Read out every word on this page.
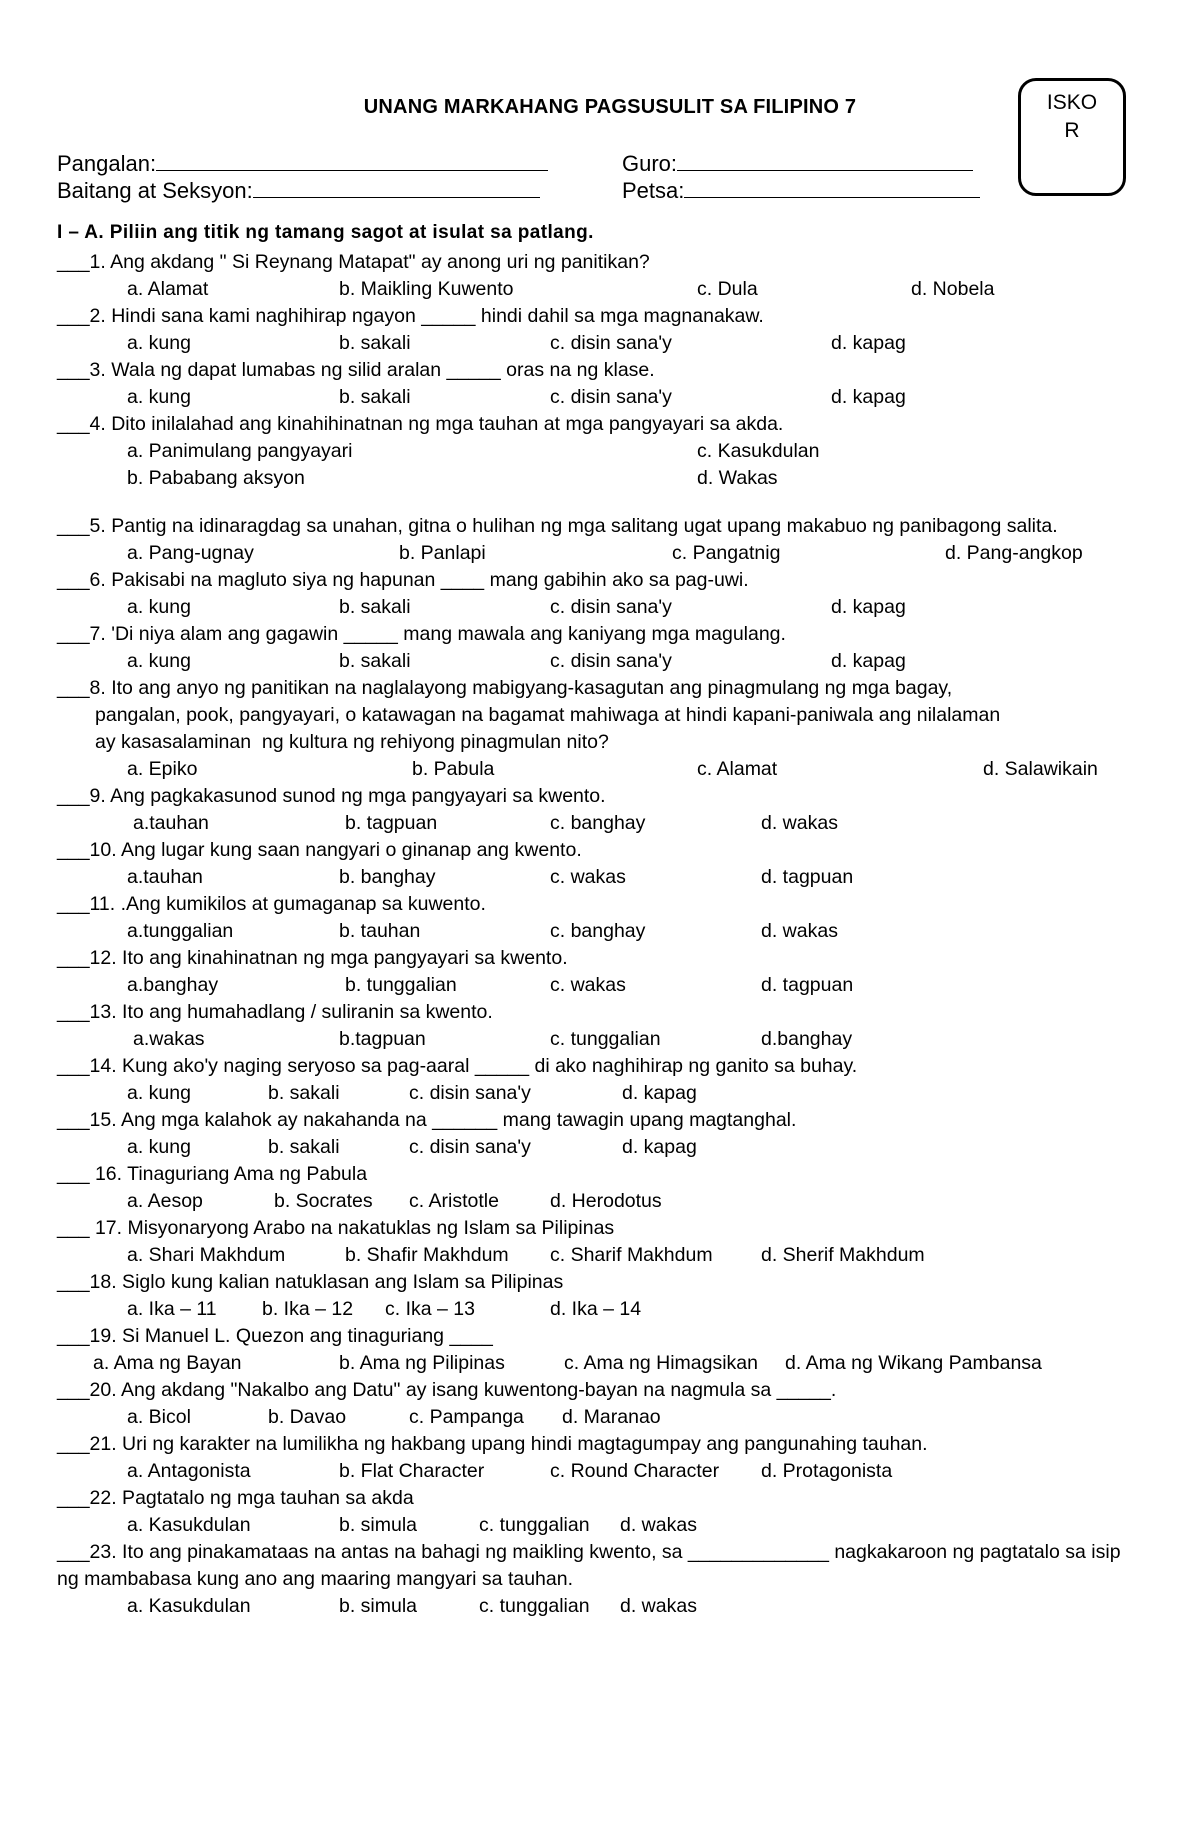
UNANG MARKAHANG PAGSUSULIT SA FILIPINO 7	ISKO
R
Pangalan:	Guro:
Baitang at Seksyon:	Petsa:
I – A. Piliin ang titik ng tamang sagot at isulat sa patlang.
___1. Ang akdang " Si Reynang Matapat" ay anong uri ng panitikan?
a. Alamat	b. Maikling Kuwento	c. Dula	d. Nobela
___2. Hindi sana kami naghihirap ngayon _____ hindi dahil sa mga magnanakaw.
a. kung	b. sakali	c. disin sana'y	d. kapag
___3. Wala ng dapat lumabas ng silid aralan _____ oras na ng klase.
a. kung	b. sakali	c. disin sana'y	d. kapag
___4. Dito inilalahad ang kinahihinatnan ng mga tauhan at mga pangyayari sa akda.
a. Panimulang pangyayari	c. Kasukdulan
b. Pababang aksyon	d. Wakas
___5. Pantig na idinaragdag sa unahan, gitna o hulihan ng mga salitang ugat upang makabuo ng panibagong salita.
a. Pang-ugnay	b. Panlapi	c. Pangatnig	d. Pang-angkop
___6. Pakisabi na magluto siya ng hapunan ____ mang gabihin ako sa pag-uwi.
a. kung	b. sakali	c. disin sana'y	d. kapag
___7. 'Di niya alam ang gagawin _____ mang mawala ang kaniyang mga magulang.
a. kung	b. sakali	c. disin sana'y	d. kapag
___8. Ito ang anyo ng panitikan na naglalayong mabigyang-kasagutan ang pinagmulang ng mga bagay,
pangalan, pook, pangyayari, o katawagan na bagamat mahiwaga at hindi kapani-paniwala ang nilalaman
ay kasasalaminan  ng kultura ng rehiyong pinagmulan nito?
a. Epiko	b. Pabula	c. Alamat	d. Salawikain
___9. Ang pagkakasunod sunod ng mga pangyayari sa kwento.
a.tauhan	b. tagpuan	c. banghay	d. wakas
___10. Ang lugar kung saan nangyari o ginanap ang kwento.
a.tauhan	b. banghay	c. wakas	d. tagpuan
___11. .Ang kumikilos at gumaganap sa kuwento.
a.tunggalian	b. tauhan	c. banghay	d. wakas
___12. Ito ang kinahinatnan ng mga pangyayari sa kwento.
a.banghay	b. tunggalian	c. wakas	d. tagpuan
___13. Ito ang humahadlang / suliranin sa kwento.
a.wakas	b.tagpuan	c. tunggalian	d.banghay
___14. Kung ako'y naging seryoso sa pag-aaral _____ di ako naghihirap ng ganito sa buhay.
a. kung	b. sakali	c. disin sana'y	d. kapag
___15. Ang mga kalahok ay nakahanda na ______ mang tawagin upang magtanghal.
a. kung	b. sakali	c. disin sana'y	d. kapag
___ 16. Tinaguriang Ama ng Pabula
a. Aesop	b. Socrates c. Aristotle	d. Herodotus
___ 17. Misyonaryong Arabo na nakatuklas ng Islam sa Pilipinas
a. Shari Makhdum	b. Shafir Makhdum c. Sharif Makhdum d. Sherif Makhdum
___18. Siglo kung kalian natuklasan ang Islam sa Pilipinas
a. Ika – 11 b. Ika – 12 c. Ika – 13	d. Ika – 14
___19. Si Manuel L. Quezon ang tinaguriang ____
a. Ama ng Bayan	b. Ama ng Pilipinas	c. Ama ng Himagsikan d. Ama ng Wikang Pambansa
___20. Ang akdang "Nakalbo ang Datu" ay isang kuwentong-bayan na nagmula sa _____.
a. Bicol	b. Davao	c. Pampanga d. Maranao
___21. Uri ng karakter na lumilikha ng hakbang upang hindi magtagumpay ang pangunahing tauhan.
a. Antagonista	b. Flat Character	c. Round Character d. Protagonista
___22. Pagtatalo ng mga tauhan sa akda
a. Kasukdulan	b. simula	c. tunggalian d. wakas
___23. Ito ang pinakamataas na antas na bahagi ng maikling kwento, sa _____________ nagkakaroon ng pagtatalo sa isip ng mambabasa kung ano ang maaring mangyari sa tauhan.
a. Kasukdulan	b. simula	c. tunggalian d. wakas
